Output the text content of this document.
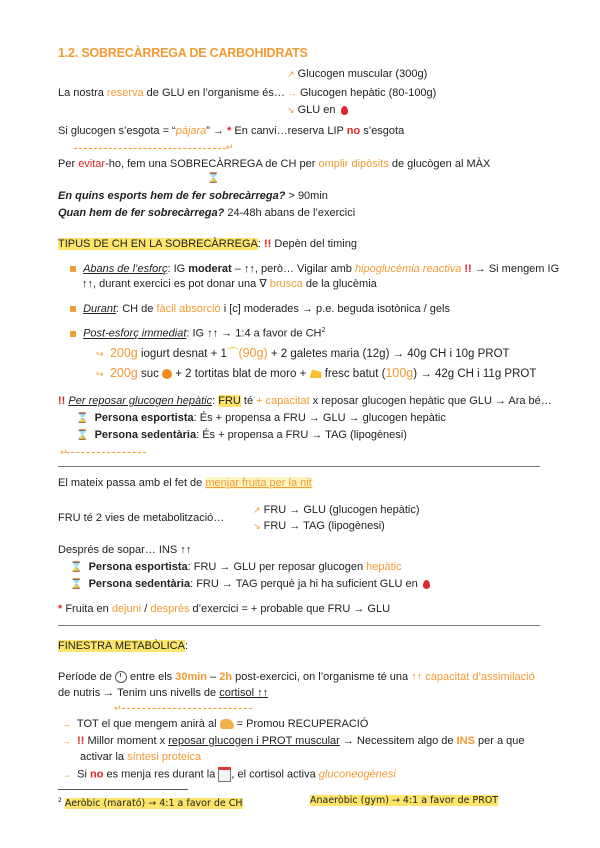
1.2. SOBRECÀRREGA DE CARBOHIDRATS
↗ Glucogen muscular (300g)
La nostra reserva de GLU en l’organisme és… → Glucogen hepàtic (80-100g)
↘ GLU en
Si glucogen s’esgota = “pàjara” → * En canvi…reserva LIP no s’esgota
↵
Per evitar-ho, fem una SOBRECÀRREGA de CH per omplir dipòsits de glucògen al MÀX
⌛
En quins esports hem de fer sobrecàrrega? > 90min
Quan hem de fer sobrecàrrega? 24-48h abans de l’exercici
TIPUS DE CH EN LA SOBRECÀRREGA: !! Depèn del timing
Abans de l’esforç: IG moderat – ↑↑, però… Vigilar amb hipoglucèmia reactiva !! → Si mengem IG
↑↑, durant exercici es pot donar una ∇ brusca de la glucèmia
Durant: CH de fàcil absorció i [c] moderades → p.e. beguda isotònica / gels
Post-esforç immediat: IG ↑↑ → 1:4 a favor de $CH^2$
↪ 200g iogurt desnat + 1⌒(90g) + 2 galetes maria (12g) → 40g CH i 10g PROT
↪ 200g suc  + 2 tortitas blat de moro +  fresc batut (100g) → 42g CH i 11g PROT
!! Per reposar glucogen hepàtic: FRU té + capacitat x reposar glucogen hepàtic que GLU → Ara bé…
⌛ Persona esportista: És + propensa a FRU → GLU → glucogen hepàtic
⌛ Persona sedentària: És + propensa a FRU → TAG (lipogènesi)
↵
El mateix passa amb el fet de menjar fruita per la nit
↗ FRU → GLU (glucogen hepàtic)
FRU té 2 vies de metabolització…
↘ FRU → TAG (lipogènesi)
Després de sopar… INS ↑↑
⌛ Persona esportista: FRU → GLU per reposar glucogen hepàtic
⌛ Persona sedentària: FRU → TAG perquè ja hi ha suficient GLU en
* Fruita en dejuni / després d’exercici = + probable que FRU → GLU
FINESTRA METABÒLICA:
Període de  entre els 30min – 2h post-exercici, on l’organisme té una ↑↑ capacitat d’assimilació
de nutris → Tenim uns nivells de cortisol ↑↑
↵
→ TOT el que mengem anirà al  = Promou RECUPERACIÓ
→ !! Millor moment x reposar glucogen i PROT muscular → Necessitem algo de INS per a que
activar la síntesi proteica
→ Si no es menja res durant la , el cortisol activa gluconeogènesi
$^2$ Aeròbic (marató) → 4:1 a favor de CH	Anaeròbic (gym) → 4:1 a favor de PROT
